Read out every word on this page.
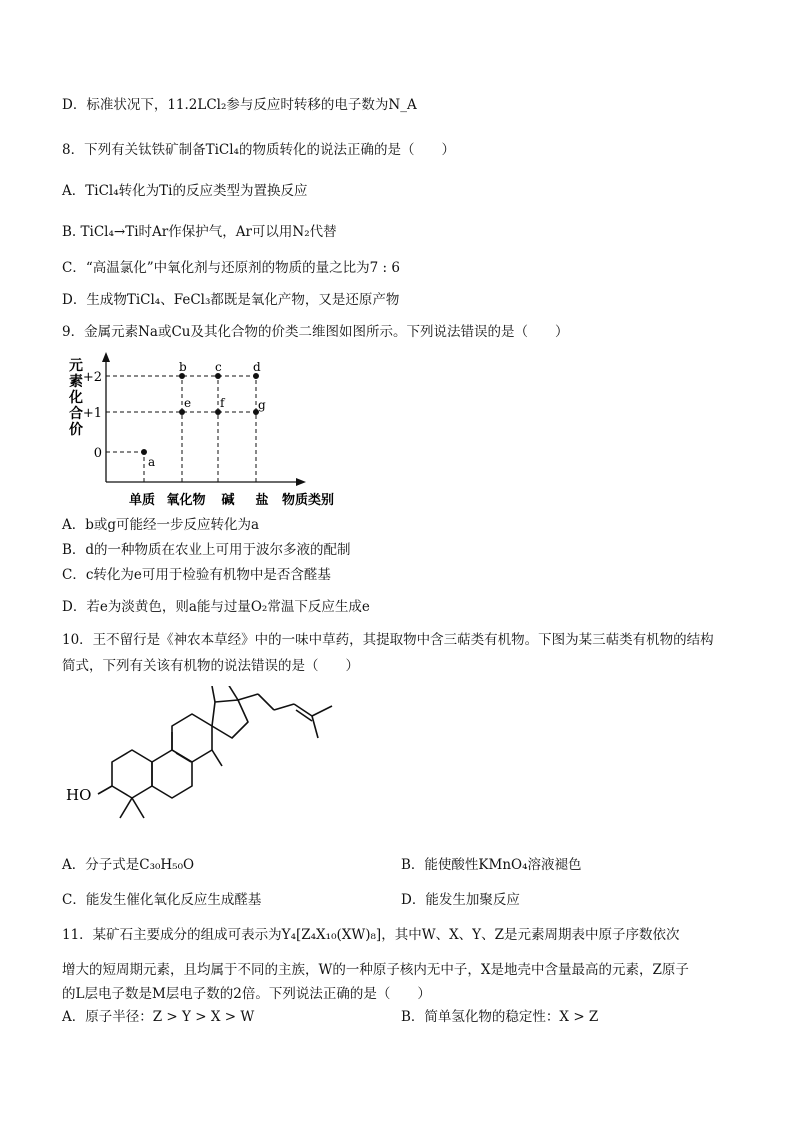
D．标准状况下，11.2LCl₂参与反应时转移的电子数为N_A
8．下列有关钛铁矿制备TiCl₄的物质转化的说法正确的是（　　）
A．TiCl₄转化为Ti的反应类型为置换反应
B. TiCl₄→Ti时Ar作保护气，Ar可以用N₂代替
C．“高温氯化”中氧化剂与还原剂的物质的量之比为7 : 6
D．生成物TiCl₄、FeCl₃都既是氧化产物，又是还原产物
9．金属元素Na或Cu及其化合物的价类二维图如图所示。下列说法错误的是（　　）
元素化合价
a
b c	d
e f	g
+2
+1
0
单质 氧化物 碱 盐 物质类别
A．b或g可能经一步反应转化为a
B．d的一种物质在农业上可用于波尔多液的配制
C．c转化为e可用于检验有机物中是否含醛基
D．若e为淡黄色，则a能与过量O₂常温下反应生成e
10．王不留行是《神农本草经》中的一味中草药，其提取物中含三萜类有机物。下图为某三萜类有机物的结构
简式，下列有关该有机物的说法错误的是（　　）
HO
A．分子式是C₃₀H₅₀O	B．能使酸性KMnO₄溶液褪色
C．能发生催化氧化反应生成醛基	D．能发生加聚反应
11．某矿石主要成分的组成可表示为Y₄[Z₄X₁₀(XW)₈]，其中W、X、Y、Z是元素周期表中原子序数依次
增大的短周期元素，且均属于不同的主族，W的一种原子核内无中子，X是地壳中含量最高的元素，Z原子
的L层电子数是M层电子数的2倍。下列说法正确的是（　　）
A．原子半径：Z > Y > X > W	B．简单氢化物的稳定性：X > Z
